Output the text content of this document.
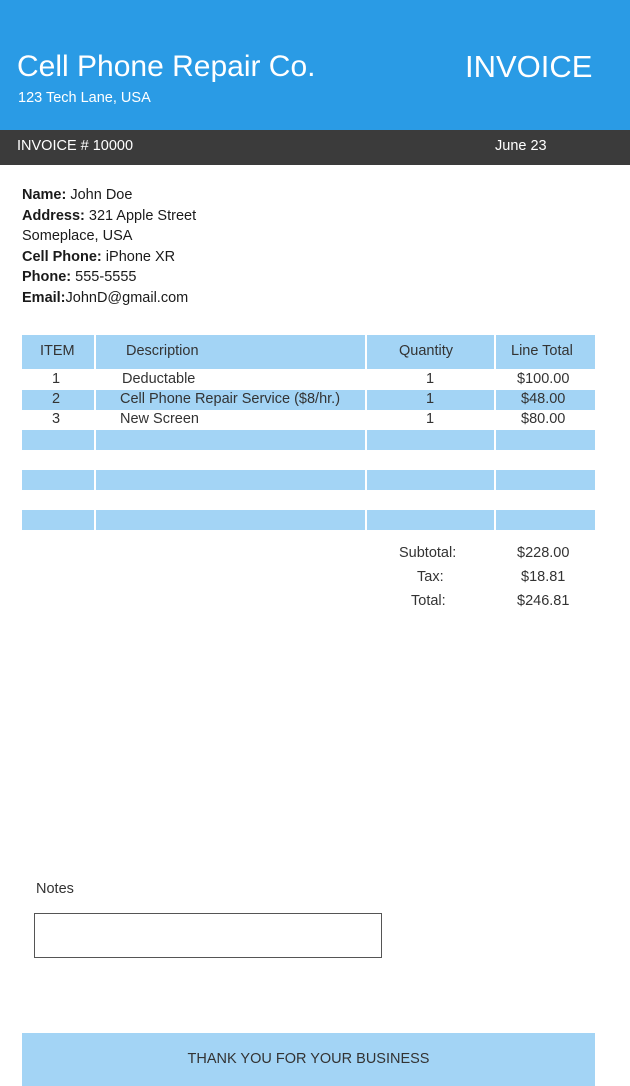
Cell Phone Repair Co.
123 Tech Lane, USA
INVOICE
INVOICE # 10000	June 23
Name: John Doe
Address: 321 Apple Street
Someplace, USA
Cell Phone: iPhone XR
Phone: 555-5555
Email:JohnD@gmail.com
ITEM	Description	Quantity	Line Total
1	Deductable	1	$100.00
2	Cell Phone Repair Service ($8/hr.)	1	$48.00
3	New Screen	1	$80.00
Subtotal:	$228.00
Tax:	$18.81
Total:	$246.81
Notes
THANK YOU FOR YOUR BUSINESS
